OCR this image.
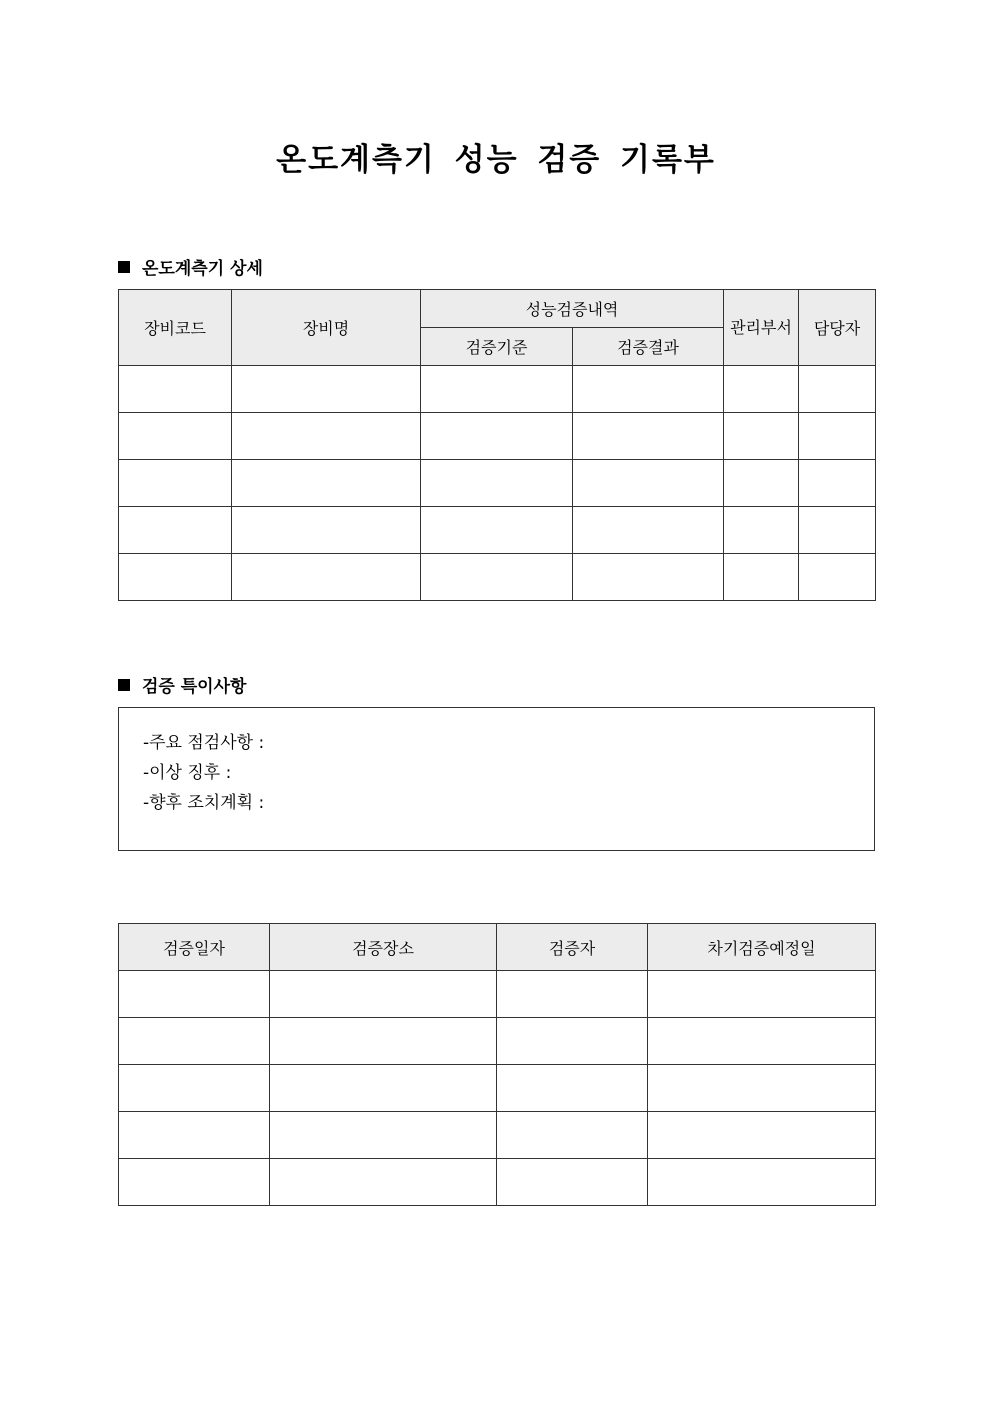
온도계측기 성능 검증 기록부
온도계측기 상세
장비코드	장비명	성능검증내역		관리부서	담당자
		검증기준	검증결과		

검증 특이사항
-주요 점검사항 :
-이상 징후 :
-향후 조치계획 :
검증일자	검증장소	검증자	차기검증예정일
